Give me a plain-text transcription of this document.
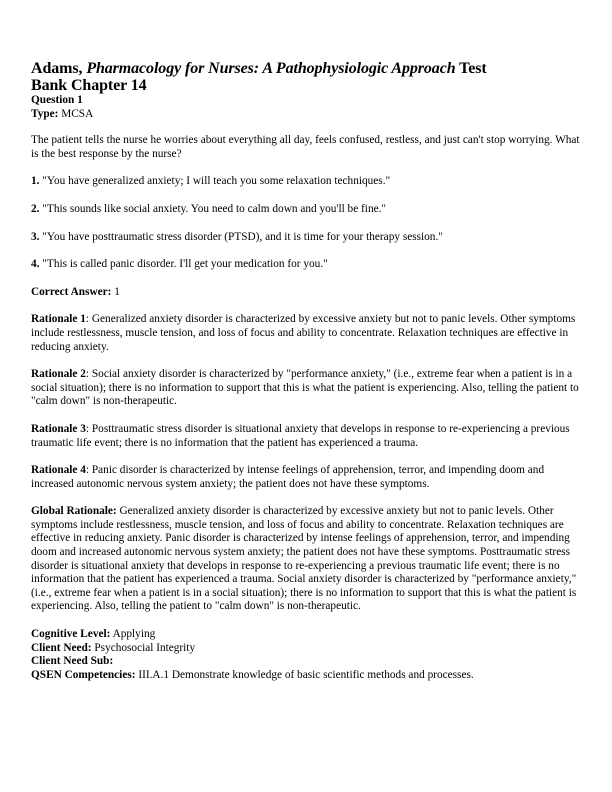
Adams, Pharmacology for Nurses: A Pathophysiologic Approach Test
Bank Chapter 14

Question 1

Type: MCSA

The patient tells the nurse he worries about everything all day, feels confused, restless, and just can't stop worrying. What is the best response by the nurse?

1. "You have generalized anxiety; I will teach you some relaxation techniques."

2. "This sounds like social anxiety. You need to calm down and you'll be fine."

3. "You have posttraumatic stress disorder (PTSD), and it is time for your therapy session."

4. "This is called panic disorder. I'll get your medication for you."

Correct Answer: 1

Rationale 1: Generalized anxiety disorder is characterized by excessive anxiety but not to panic levels. Other symptoms include restlessness, muscle tension, and loss of focus and ability to concentrate. Relaxation techniques are effective in reducing anxiety.

Rationale 2: Social anxiety disorder is characterized by "performance anxiety," (i.e., extreme fear when a patient is in a social situation); there is no information to support that this is what the patient is experiencing. Also, telling the patient to "calm down" is non-therapeutic.

Rationale 3: Posttraumatic stress disorder is situational anxiety that develops in response to re-experiencing a previous traumatic life event; there is no information that the patient has experienced a trauma.

Rationale 4: Panic disorder is characterized by intense feelings of apprehension, terror, and impending doom and increased autonomic nervous system anxiety; the patient does not have these symptoms.

Global Rationale: Generalized anxiety disorder is characterized by excessive anxiety but not to panic levels. Other symptoms include restlessness, muscle tension, and loss of focus and ability to concentrate. Relaxation techniques are effective in reducing anxiety. Panic disorder is characterized by intense feelings of apprehension, terror, and impending doom and increased autonomic nervous system anxiety; the patient does not have these symptoms. Posttraumatic stress disorder is situational anxiety that develops in response to re-experiencing a previous traumatic life event; there is no information that the patient has experienced a trauma. Social anxiety disorder is characterized by "performance anxiety," (i.e., extreme fear when a patient is in a social situation); there is no information to support that this is what the patient is experiencing. Also, telling the patient to "calm down" is non-therapeutic.

Cognitive Level: Applying

Client Need: Psychosocial Integrity

Client Need Sub:

QSEN Competencies: III.A.1 Demonstrate knowledge of basic scientific methods and processes.
